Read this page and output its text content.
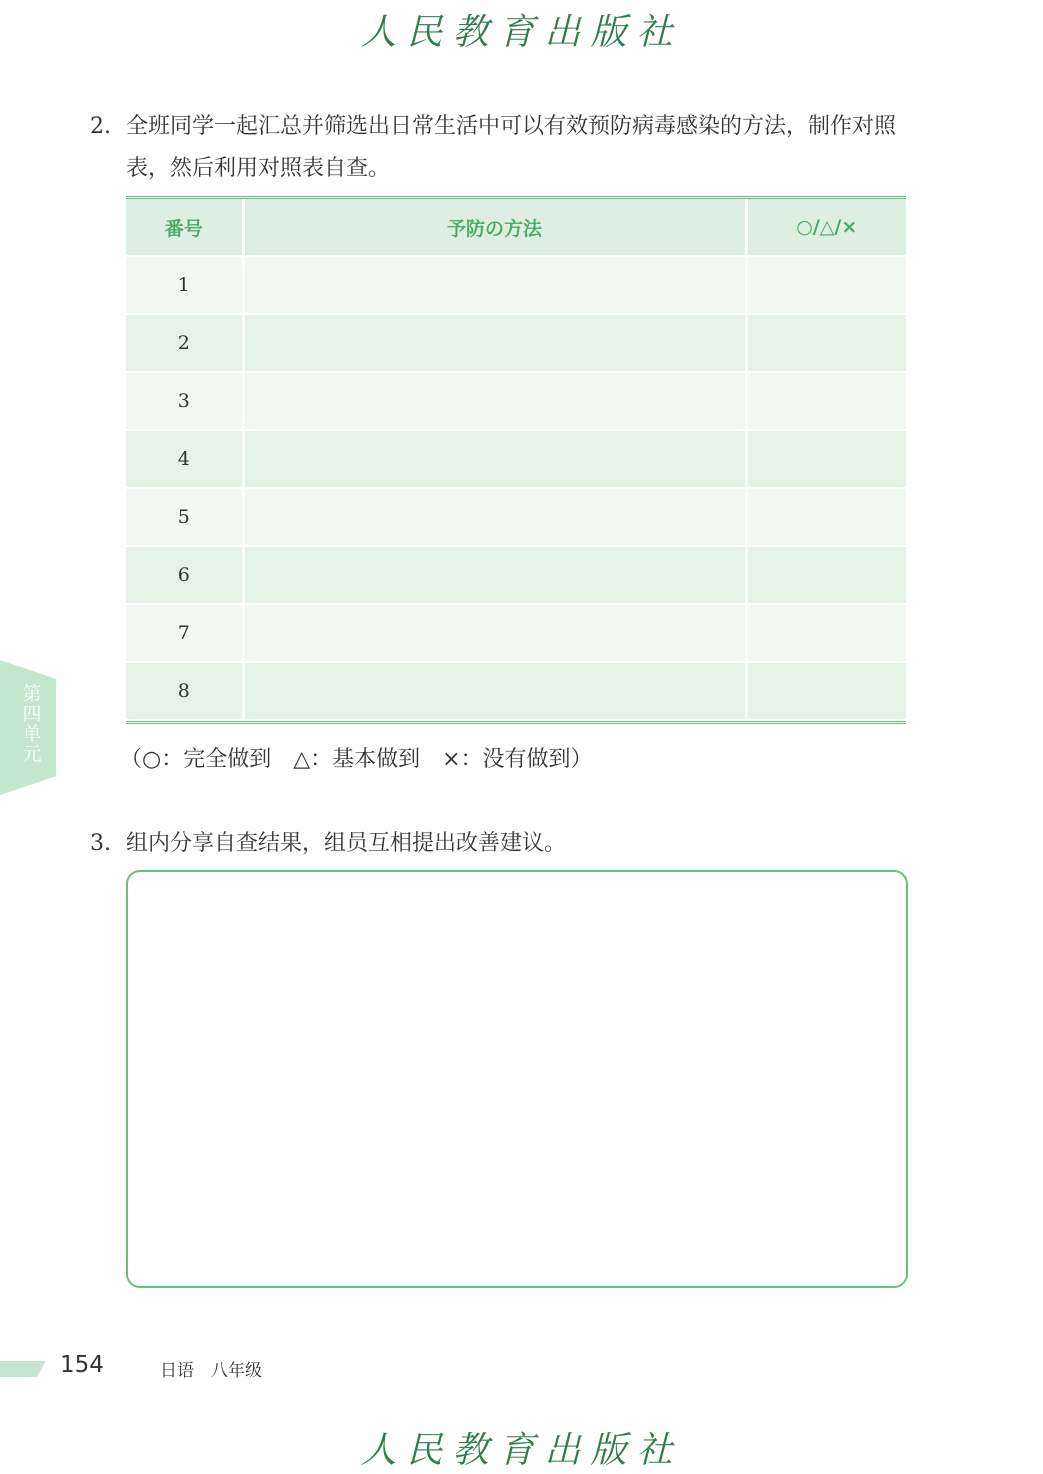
人民教育出版社
2. 全班同学一起汇总并筛选出日常生活中可以有效预防病毒感染的方法，制作对照表，然后利用对照表自查。
番号	予防の方法	○/△/×
1		
2		
3		
4		
5		
6		
7		
8		
（○：完全做到　△：基本做到　×：没有做到）
3. 组内分享自查结果，组员互相提出改善建议。
第四单元
154	日语　八年级
人民教育出版社
